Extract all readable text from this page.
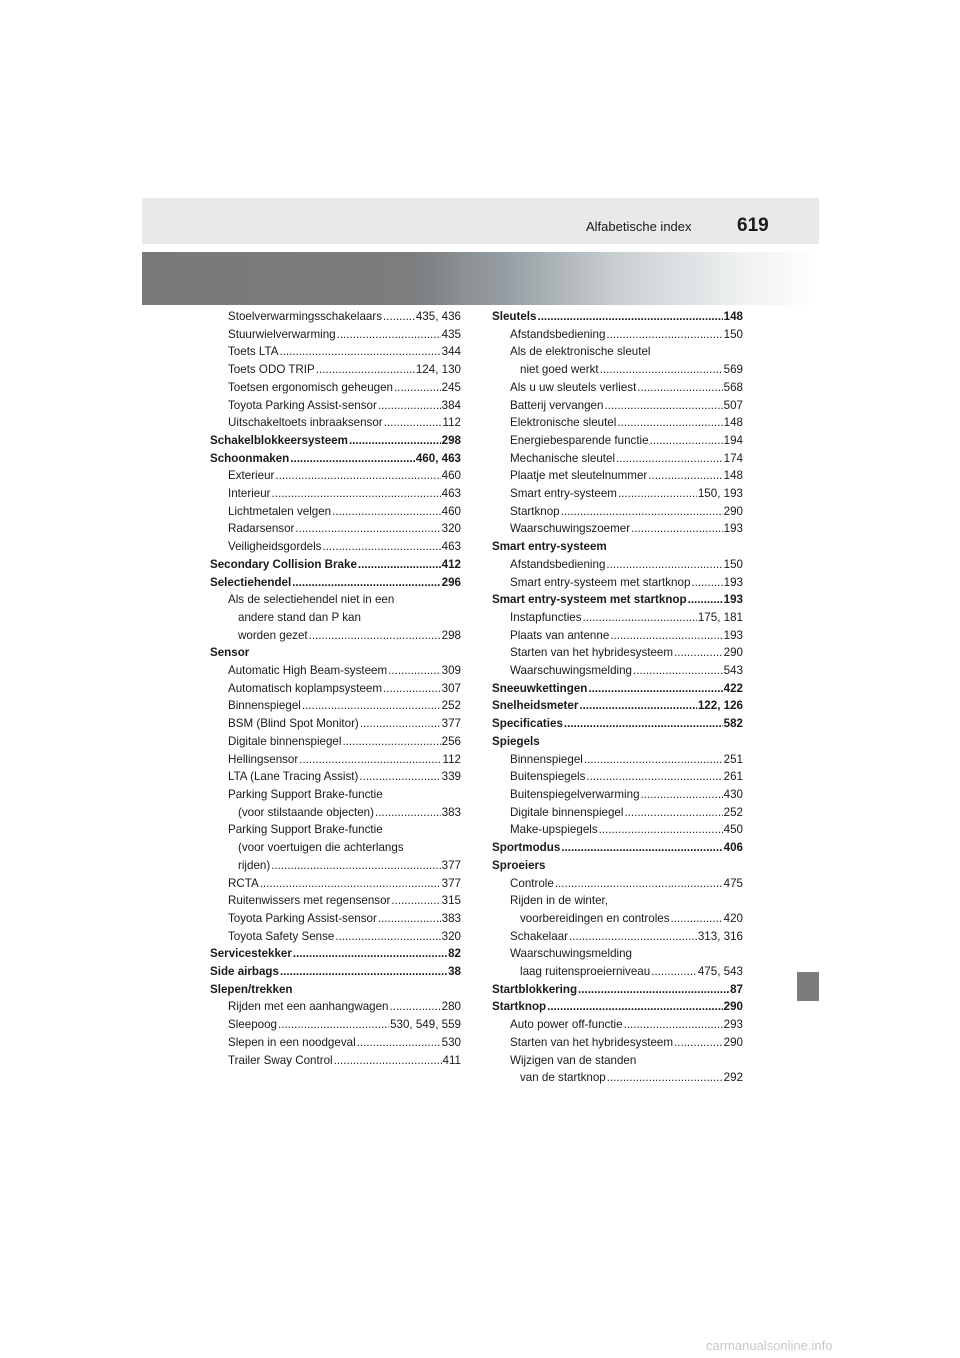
Alfabetische index 619
Stoelverwarmingsschakelaars .....	435, 436
Stuurwielverwarming .....	435
Toets LTA .....	344
Toets ODO TRIP .....	124, 130
Toetsen ergonomisch geheugen .....	245
Toyota Parking Assist-sensor .....	384
Uitschakeltoets inbraaksensor .....	112
Schakelblokkeersysteem .....	298
Schoonmaken .....	460, 463
Exterieur .....	460
Interieur .....	463
Lichtmetalen velgen .....	460
Radarsensor .....	320
Veiligheidsgordels .....	463
Secondary Collision Brake .....	412
Selectiehendel .....	296
Als de selectiehendel niet in een
andere stand dan P kan
worden gezet .....	298
Sensor
Automatic High Beam-systeem .....	309
Automatisch koplampsysteem .....	307
Binnenspiegel .....	252
BSM (Blind Spot Monitor) .....	377
Digitale binnenspiegel .....	256
Hellingsensor .....	112
LTA (Lane Tracing Assist) .....	339
Parking Support Brake-functie
(voor stilstaande objecten) .....	383
Parking Support Brake-functie
(voor voertuigen die achterlangs
rijden) .....	377
RCTA .....	377
Ruitenwissers met regensensor .....	315
Toyota Parking Assist-sensor .....	383
Toyota Safety Sense .....	320
Servicestekker .....	82
Side airbags .....	38
Slepen/trekken
Rijden met een aanhangwagen .....	280
Sleepoog .....	530, 549, 559
Slepen in een noodgeval .....	530
Trailer Sway Control .....	411
Sleutels .....	148
Afstandsbediening .....	150
Als de elektronische sleutel
niet goed werkt .....	569
Als u uw sleutels verliest .....	568
Batterij vervangen .....	507
Elektronische sleutel .....	148
Energiebesparende functie .....	194
Mechanische sleutel .....	174
Plaatje met sleutelnummer .....	148
Smart entry-systeem .....	150, 193
Startknop .....	290
Waarschuwingszoemer .....	193
Smart entry-systeem
Afstandsbediening .....	150
Smart entry-systeem met startknop .....	193
Smart entry-systeem met startknop .....	193
Instapfuncties .....	175, 181
Plaats van antenne .....	193
Starten van het hybridesysteem .....	290
Waarschuwingsmelding .....	543
Sneeuwkettingen .....	422
Snelheidsmeter .....	122, 126
Specificaties .....	582
Spiegels
Binnenspiegel .....	251
Buitenspiegels .....	261
Buitenspiegelverwarming .....	430
Digitale binnenspiegel .....	252
Make-upspiegels .....	450
Sportmodus .....	406
Sproeiers
Controle .....	475
Rijden in de winter,
voorbereidingen en controles .....	420
Schakelaar .....	313, 316
Waarschuwingsmelding
laag ruitensproeierniveau .....	475, 543
Startblokkering .....	87
Startknop .....	290
Auto power off-functie .....	293
Starten van het hybridesysteem .....	290
Wijzigen van de standen
van de startknop .....	292
carmanualsonline.info
